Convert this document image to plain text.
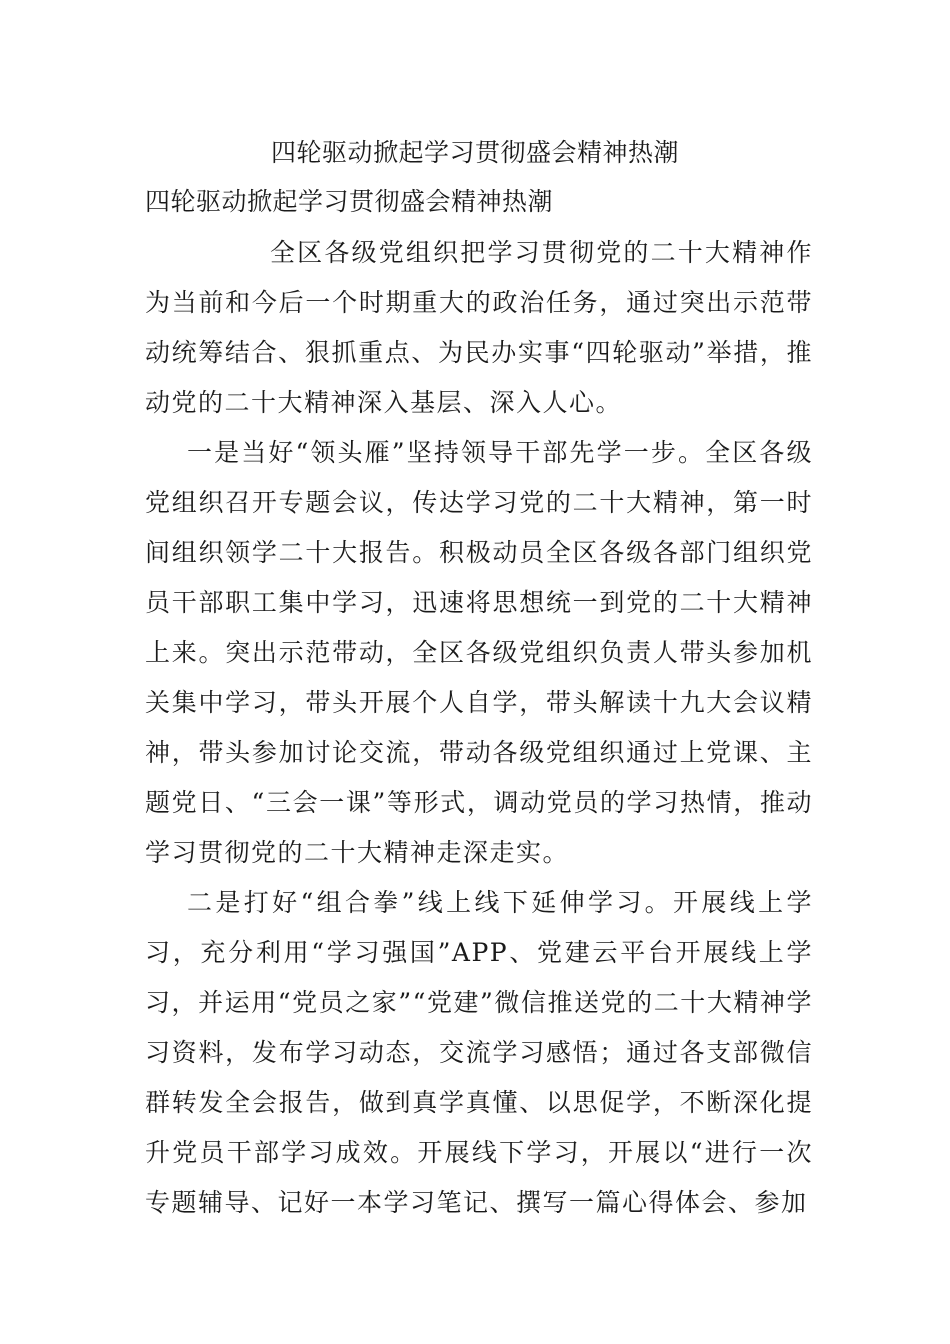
四轮驱动掀起学习贯彻盛会精神热潮
四轮驱动掀起学习贯彻盛会精神热潮

全区各级党组织把学习贯彻党的二十大精神作为当前和今后一个时期重大的政治任务，通过突出示范带动统筹结合、狠抓重点、为民办实事“四轮驱动”举措，推动党的二十大精神深入基层、深入人心。

一是当好“领头雁”坚持领导干部先学一步。全区各级党组织召开专题会议，传达学习党的二十大精神，第一时间组织领学二十大报告。积极动员全区各级各部门组织党员干部职工集中学习，迅速将思想统一到党的二十大精神上来。突出示范带动，全区各级党组织负责人带头参加机关集中学习，带头开展个人自学，带头解读十九大会议精神，带头参加讨论交流，带动各级党组织通过上党课、主题党日、“三会一课”等形式，调动党员的学习热情，推动学习贯彻党的二十大精神走深走实。

二是打好“组合拳”线上线下延伸学习。开展线上学习，充分利用“学习强国”APP、党建云平台开展线上学习，并运用“党员之家”“党建”微信推送党的二十大精神学习资料，发布学习动态，交流学习感悟；通过各支部微信群转发全会报告，做到真学真懂、以思促学，不断深化提升党员干部学习成效。开展线下学习，开展以“进行一次专题辅导、记好一本学习笔记、撰写一篇心得体会、参加
